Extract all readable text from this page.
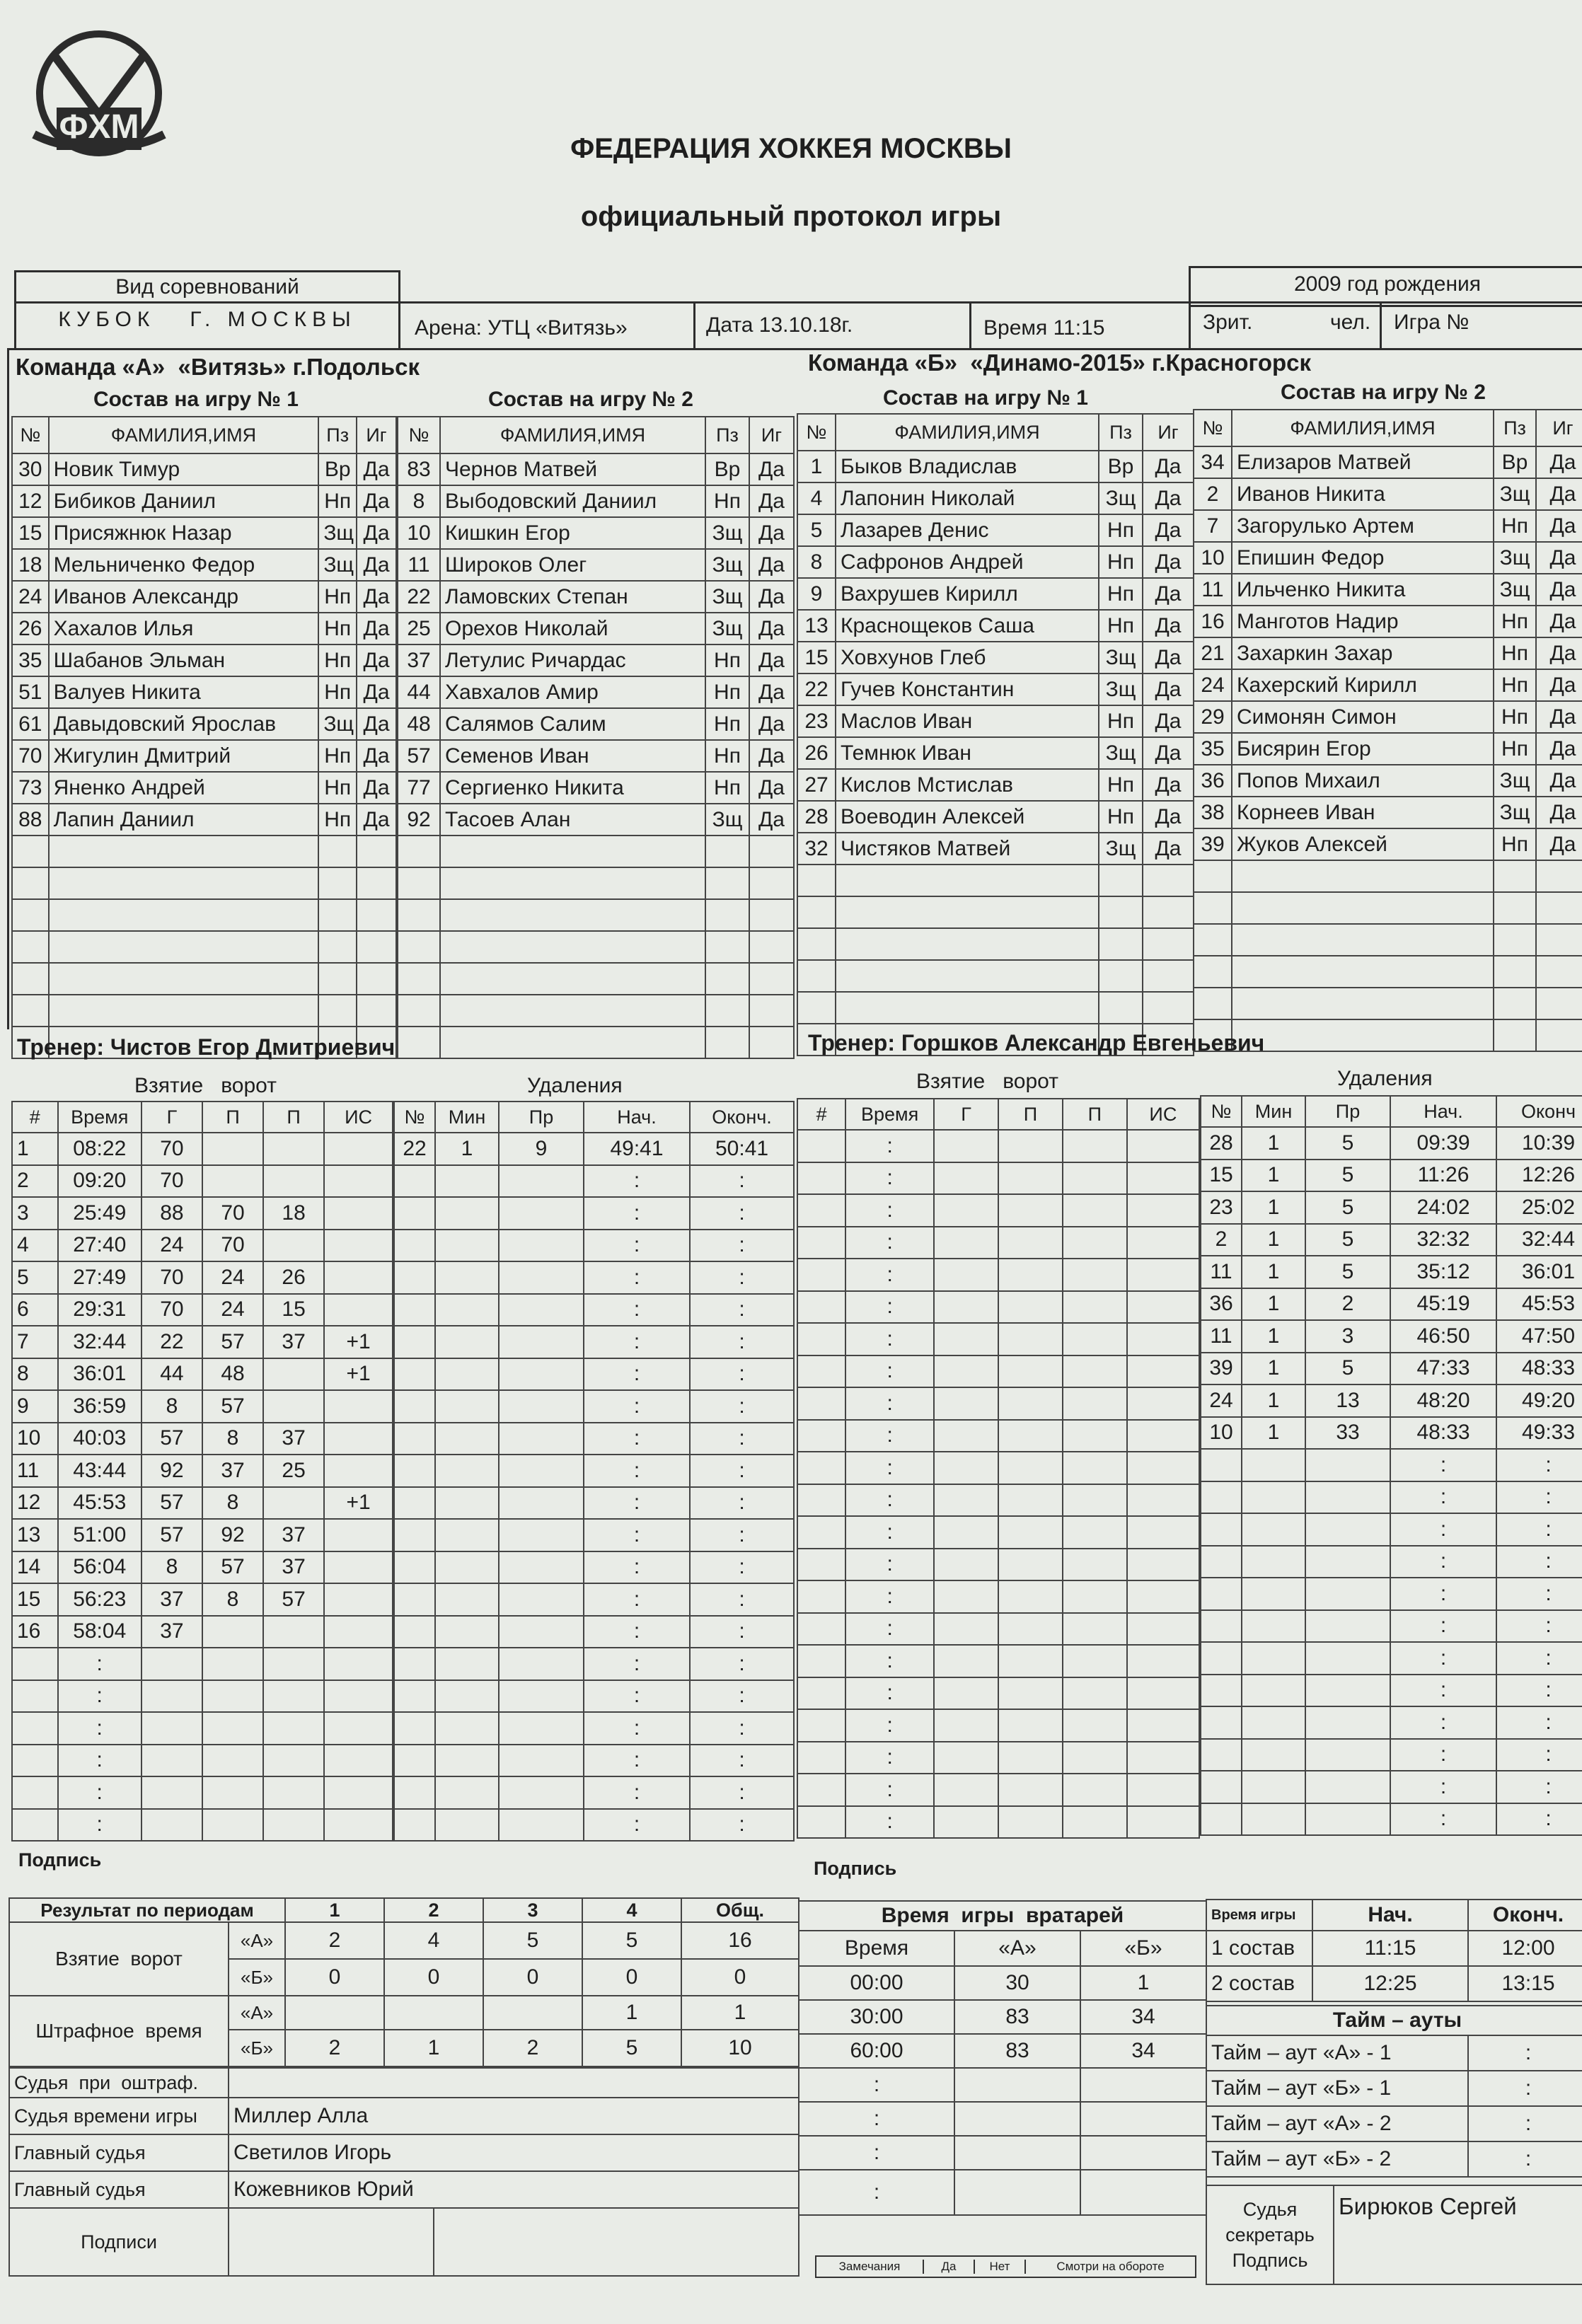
ФХМ
ФЕДЕРАЦИЯ ХОККЕЯ МОСКВЫ
официальный протокол игры
Вид соревнований
КУБОК   Г. МОСКВЫ
2009 год рождения
Арена: УТЦ «Витязь»	Дата 13.10.18г.	Время 11:15	Зрит.	чел. Игра №
Команда «А»  «Витязь» г.Подольск	Команда «Б»  «Динамо-2015» г.Красногорск
Состав на игру № 1	Состав на игру № 2	Состав на игру № 1	Состав на игру № 2
№	ФАМИЛИЯ,ИМЯ	Пз	Иг
30	Новик Тимур	Вр	Да
12	Бибиков Даниил	Нп	Да
15	Присяжнюк Назар	Зщ	Да
18	Мельниченко Федор	Зщ	Да
24	Иванов Александр	Нп	Да
26	Хахалов Илья	Нп	Да
35	Шабанов Эльман	Нп	Да
51	Валуев Никита	Нп	Да
61	Давыдовский Ярослав	Зщ	Да
70	Жигулин Дмитрий	Нп	Да
73	Яненко Андрей	Нп	Да
88	Лапин Даниил	Нп	Да

№	ФАМИЛИЯ,ИМЯ	Пз	Иг
83	Чернов Матвей	Вр	Да
8	Выбодовский Даниил	Нп	Да
10	Кишкин Егор	Зщ	Да
11	Широков Олег	Зщ	Да
22	Ламовских Степан	Зщ	Да
25	Орехов Николай	Зщ	Да
37	Летулис Ричардас	Нп	Да
44	Хавхалов Амир	Нп	Да
48	Салямов Салим	Нп	Да
57	Семенов Иван	Нп	Да
77	Сергиенко Никита	Нп	Да
92	Тасоев Алан	Зщ	Да

№	ФАМИЛИЯ,ИМЯ	Пз	Иг
1	Быков Владислав	Вр	Да
4	Лапонин Николай	Зщ	Да
5	Лазарев Денис	Нп	Да
8	Сафронов Андрей	Нп	Да
9	Вахрушев Кирилл	Нп	Да
13	Краснощеков Саша	Нп	Да
15	Ховхунов Глеб	Зщ	Да
22	Гучев Константин	Зщ	Да
23	Маслов Иван	Нп	Да
26	Темнюк Иван	Зщ	Да
27	Кислов Мстислав	Нп	Да
28	Воеводин Алексей	Нп	Да
32	Чистяков Матвей	Зщ	Да

№	ФАМИЛИЯ,ИМЯ	Пз	Иг
34	Елизаров Матвей	Вр	Да
2	Иванов Никита	Зщ	Да
7	Загорулько Артем	Нп	Да
10	Епишин Федор	Зщ	Да
11	Ильченко Никита	Зщ	Да
16	Манготов Надир	Нп	Да
21	Захаркин Захар	Нп	Да
24	Кахерский Кирилл	Нп	Да
29	Симонян Симон	Нп	Да
35	Бисярин Егор	Нп	Да
36	Попов Михаил	Зщ	Да
38	Корнеев Иван	Зщ	Да
39	Жуков Алексей	Нп	Да

Тренер: Чистов Егор Дмитриевич	Тренер: Горшков Александр Евгеньевич
Взятие   ворот	Удаления	Взятие   ворот	Удаления
#	Время	Г	П	П	ИС
1	08:22	70			
2	09:20	70			
3	25:49	88	70	18	
4	27:40	24	70		
5	27:49	70	24	26	
6	29:31	70	24	15	
7	32:44	22	57	37	+1
8	36:01	44	48		+1
9	36:59	8	57		
10	40:03	57	8	37	
11	43:44	92	37	25	
12	45:53	57	8		+1
13	51:00	57	92	37	
14	56:04	8	57	37	
15	56:23	37	8	57	
16	58:04	37			
	:				
	:				
	:				
	:				
	:				
	:				
№	Мин	Пр	Нач.	Оконч.
22	1	9	49:41	50:41
			:	:
			:	:
			:	:
			:	:
			:	:
			:	:
			:	:
			:	:
			:	:
			:	:
			:	:
			:	:
			:	:
			:	:
			:	:
			:	:
			:	:
			:	:
			:	:
			:	:
			:	:
#	Время	Г	П	П	ИС
	:				
	:				
	:				
	:				
	:				
	:				
	:				
	:				
	:				
	:				
	:				
	:				
	:				
	:				
	:				
	:				
	:				
	:				
	:				
	:				
	:				
	:				
№	Мин	Пр	Нач.	Оконч
28	1	5	09:39	10:39
15	1	5	11:26	12:26
23	1	5	24:02	25:02
2	1	5	32:32	32:44
11	1	5	35:12	36:01
36	1	2	45:19	45:53
11	1	3	46:50	47:50
39	1	5	47:33	48:33
24	1	13	48:20	49:20
10	1	33	48:33	49:33
			:	:
			:	:
			:	:
			:	:
			:	:
			:	:
			:	:
			:	:
			:	:
			:	:
			:	:
			:	:
Подпись	Подпись
Результат по периодам		1	2	3	4	Общ.
Взятие  ворот	«А»	2	4	5	5	16
	«Б»	0	0	0	0	0
Штрафное  время	«А»				1	1
	«Б»	2	1	2	5	10
Судья  при  оштраф.		
Судья времени игры	Миллер Алла	
Главный судья	Светилов Игорь	
Главный судья	Кожевников Юрий	
Подписи		
Время  игры  вратарей		
Время	«А»	«Б»
00:00	30	1
30:00	83	34
60:00	83	34
:		
:		
:		
:		
Замечания	Да	Нет	Смотри на обороте
Время игры	Нач.	Оконч.
1 состав	11:15	12:00
2 состав	12:25	13:15
Тайм – ауты	
Тайм – аут «А» - 1	:
Тайм – аут «Б» - 1	:
Тайм – аут «А» - 2	:
Тайм – аут «Б» - 2	:
Судья
секретарь
Подпись
	Бирюков Сергей
